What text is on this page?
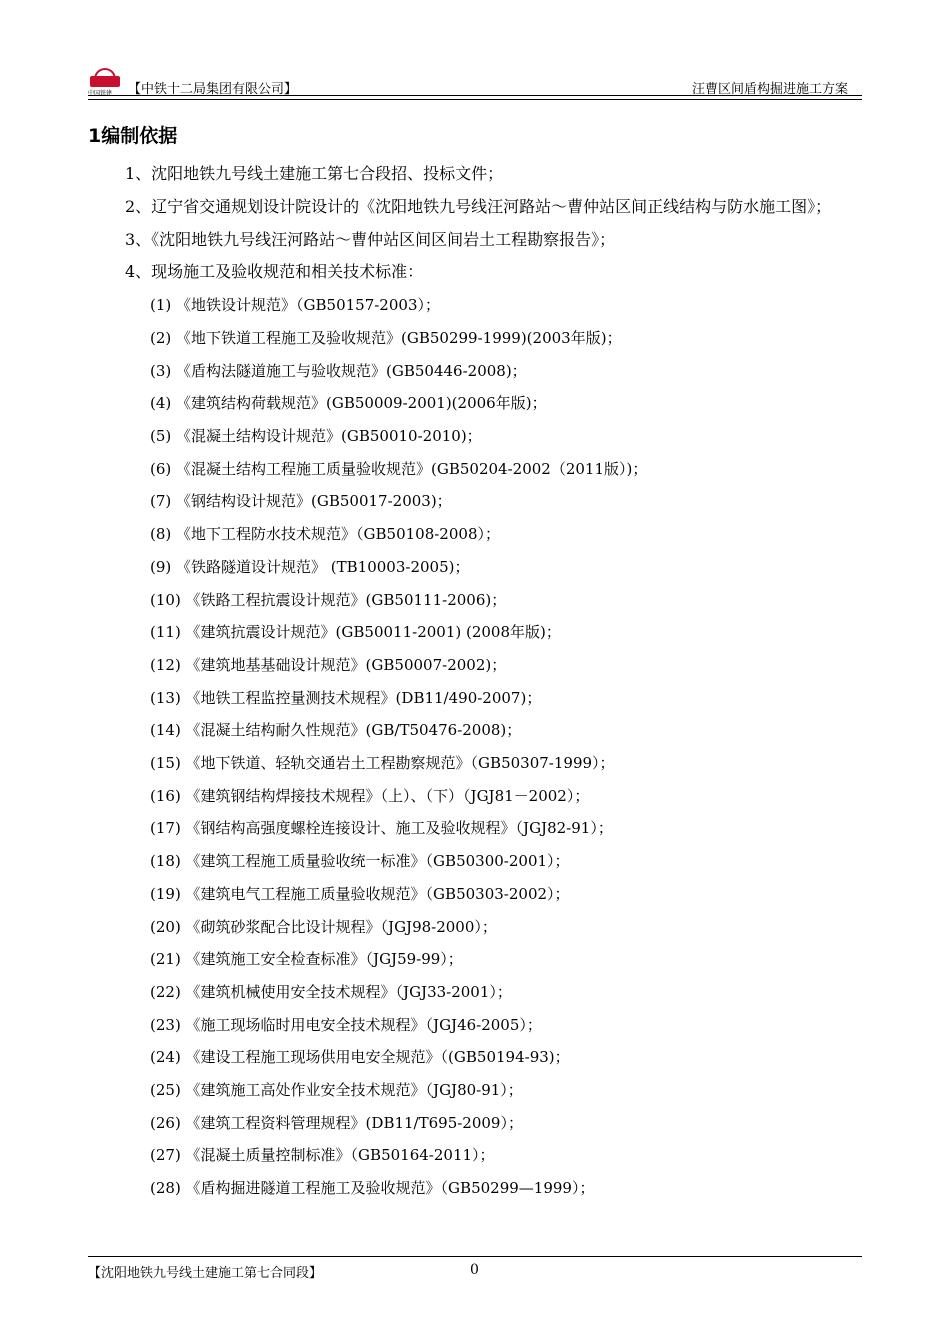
中国铁建 【中铁十二局集团有限公司】	汪曹区间盾构掘进施工方案
1编制依据

1、沈阳地铁九号线土建施工第七合段招、投标文件；

2、辽宁省交通规划设计院设计的《沈阳地铁九号线汪河路站～曹仲站区间正线结构与防水施工图》；

3、《沈阳地铁九号线汪河路站～曹仲站区间区间岩土工程勘察报告》；

4、现场施工及验收规范和相关技术标准：

(1) 《地铁设计规范》（GB50157-2003）；
(2) 《地下铁道工程施工及验收规范》(GB50299-1999)(2003年版)；
(3) 《盾构法隧道施工与验收规范》(GB50446-2008)；
(4) 《建筑结构荷载规范》(GB50009-2001)(2006年版)；
(5) 《混凝土结构设计规范》(GB50010-2010)；
(6) 《混凝土结构工程施工质量验收规范》(GB50204-2002（2011版）)；
(7) 《钢结构设计规范》(GB50017-2003)；
(8) 《地下工程防水技术规范》（GB50108-2008）；
(9) 《铁路隧道设计规范》 (TB10003-2005)；
(10) 《铁路工程抗震设计规范》(GB50111-2006)；
(11) 《建筑抗震设计规范》(GB50011-2001) (2008年版)；
(12) 《建筑地基基础设计规范》(GB50007-2002)；
(13) 《地铁工程监控量测技术规程》(DB11/490-2007)；
(14) 《混凝土结构耐久性规范》(GB/T50476-2008)；
(15) 《地下铁道、轻轨交通岩土工程勘察规范》（GB50307-1999）；
(16) 《建筑钢结构焊接技术规程》（上）、（下）（JGJ81－2002）；
(17) 《钢结构高强度螺栓连接设计、施工及验收规程》（JGJ82-91）；
(18) 《建筑工程施工质量验收统一标准》（GB50300-2001）；
(19) 《建筑电气工程施工质量验收规范》（GB50303-2002）；
(20) 《砌筑砂浆配合比设计规程》（JGJ98-2000）；
(21) 《建筑施工安全检查标准》（JGJ59-99）；
(22) 《建筑机械使用安全技术规程》（JGJ33-2001）；
(23) 《施工现场临时用电安全技术规程》（JGJ46-2005）；
(24) 《建设工程施工现场供用电安全规范》（(GB50194-93)；
(25) 《建筑施工高处作业安全技术规范》（JGJ80-91）；
(26) 《建筑工程资料管理规程》(DB11/T695-2009）；
(27) 《混凝土质量控制标准》（GB50164-2011）；
(28) 《盾构掘进隧道工程施工及验收规范》（GB50299—1999）；
【沈阳地铁九号线土建施工第七合同段】	0
